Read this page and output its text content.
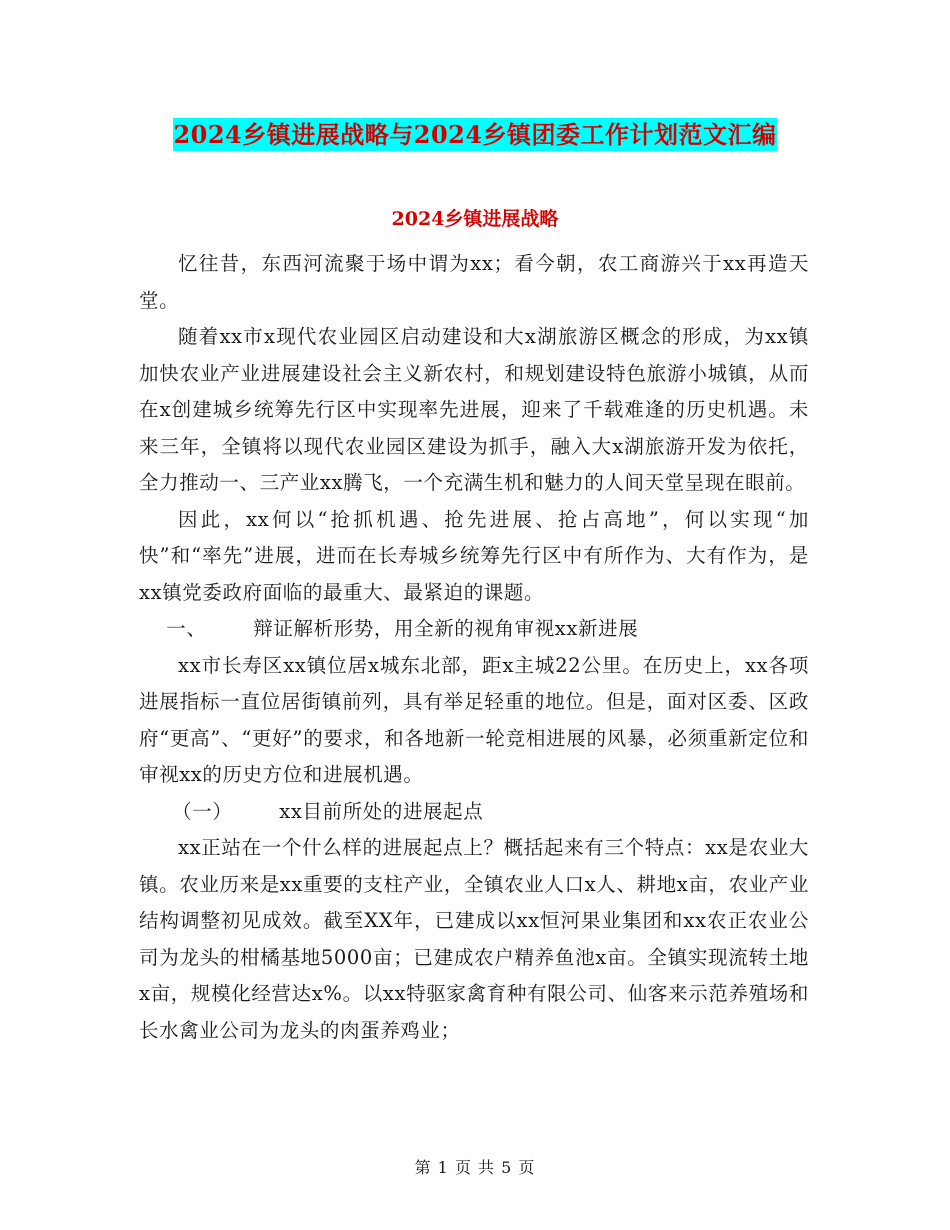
2024乡镇进展战略与2024乡镇团委工作计划范文汇编
2024乡镇进展战略

忆往昔，东西河流聚于场中谓为xx；看今朝，农工商游兴于xx再造天堂。

随着xx市x现代农业园区启动建设和大x湖旅游区概念的形成，为xx镇加快农业产业进展建设社会主义新农村，和规划建设特色旅游小城镇，从而在x创建城乡统筹先行区中实现率先进展，迎来了千载难逢的历史机遇。未来三年，全镇将以现代农业园区建设为抓手，融入大x湖旅游开发为依托，全力推动一、三产业xx腾飞，一个充满生机和魅力的人间天堂呈现在眼前。

因此，xx何以“抢抓机遇、抢先进展、抢占高地”，何以实现“加快”和“率先”进展，进而在长寿城乡统筹先行区中有所作为、大有作为，是xx镇党委政府面临的最重大、最紧迫的课题。

一、 辩证解析形势，用全新的视角审视xx新进展

xx市长寿区xx镇位居x城东北部，距x主城22公里。在历史上，xx各项进展指标一直位居街镇前列，具有举足轻重的地位。但是，面对区委、区政府“更高”、“更好”的要求，和各地新一轮竞相进展的风暴，必须重新定位和审视xx的历史方位和进展机遇。

（一） xx目前所处的进展起点

xx正站在一个什么样的进展起点上？概括起来有三个特点：xx是农业大镇。农业历来是xx重要的支柱产业，全镇农业人口x人、耕地x亩，农业产业结构调整初见成效。截至XX年，已建成以xx恒河果业集团和xx农正农业公司为龙头的柑橘基地5000亩；已建成农户精养鱼池x亩。全镇实现流转土地x亩，规模化经营达x%。以xx特驱家禽育种有限公司、仙客来示范养殖场和长水禽业公司为龙头的肉蛋养鸡业；

第 1 页 共 5 页
